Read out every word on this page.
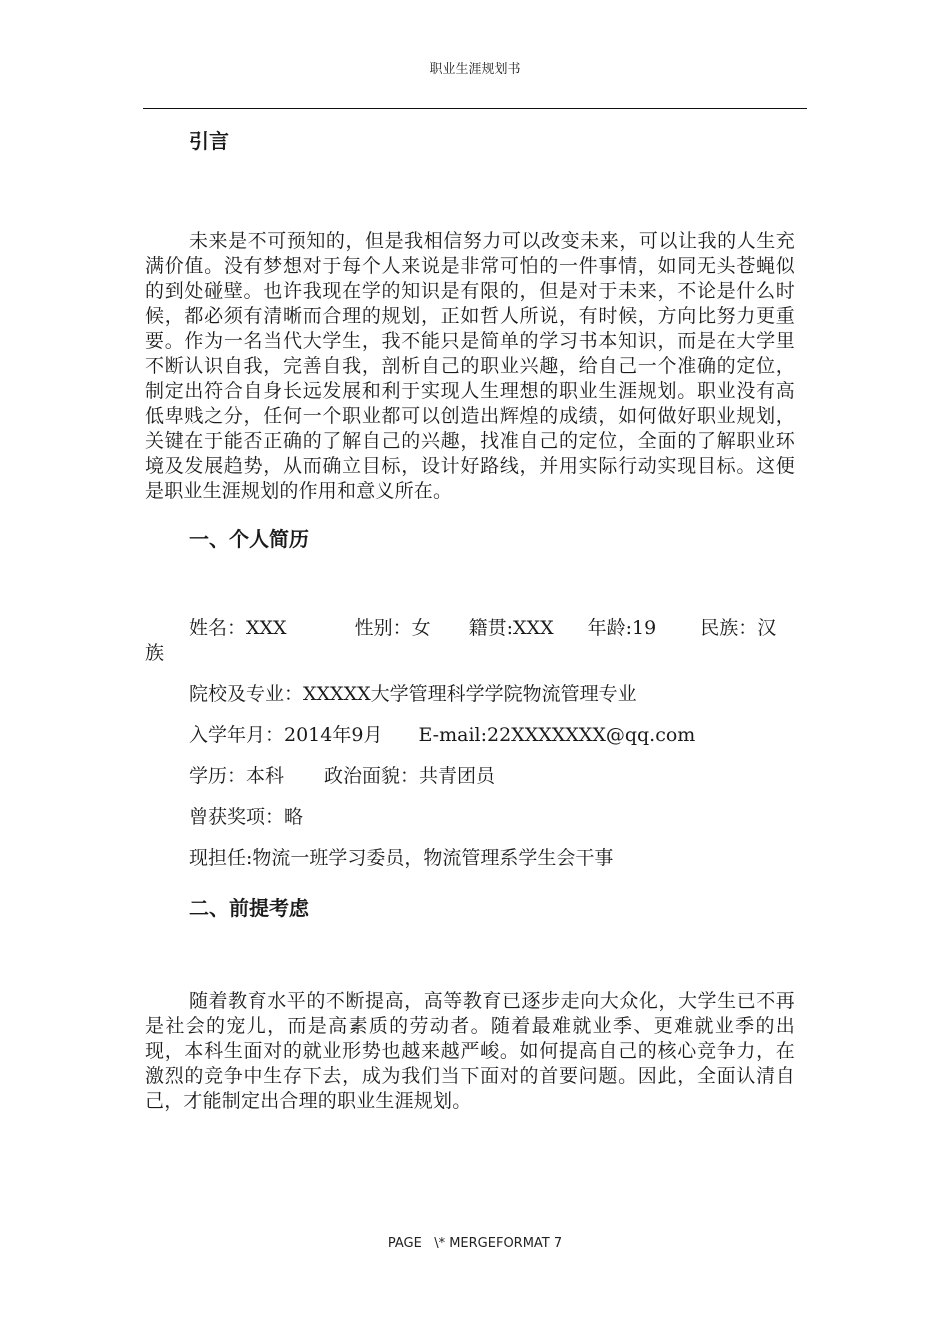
职业生涯规划书
引言

未来是不可预知的，但是我相信努力可以改变未来，可以让我的人生充满价值。没有梦想对于每个人来说是非常可怕的一件事情，如同无头苍蝇似的到处碰壁。也许我现在学的知识是有限的，但是对于未来，不论是什么时候，都必须有清晰而合理的规划，正如哲人所说，有时候，方向比努力更重要。作为一名当代大学生，我不能只是简单的学习书本知识，而是在大学里不断认识自我，完善自我，剖析自己的职业兴趣，给自己一个准确的定位，制定出符合自身长远发展和利于实现人生理想的职业生涯规划。职业没有高低卑贱之分，任何一个职业都可以创造出辉煌的成绩，如何做好职业规划，关键在于能否正确的了解自己的兴趣，找准自己的定位，全面的了解职业环境及发展趋势，从而确立目标，设计好路线，并用实际行动实现目标。这便是职业生涯规划的作用和意义所在。

一、个人简历

姓名：XXX	性别：女 籍贯:XXX 年龄:19 民族：汉族

院校及专业：XXXXX大学管理科学学院物流管理专业

入学年月：2014年9月 E-mail:22XXXXXXX@qq.com

学历：本科 政治面貌：共青团员

曾获奖项：略

现担任:物流一班学习委员，物流管理系学生会干事

二、前提考虑

随着教育水平的不断提高，高等教育已逐步走向大众化，大学生已不再是社会的宠儿，而是高素质的劳动者。随着最难就业季、更难就业季的出现，本科生面对的就业形势也越来越严峻。如何提高自己的核心竞争力，在激烈的竞争中生存下去，成为我们当下面对的首要问题。因此，全面认清自己，才能制定出合理的职业生涯规划。

PAGE   \* MERGEFORMAT 7
